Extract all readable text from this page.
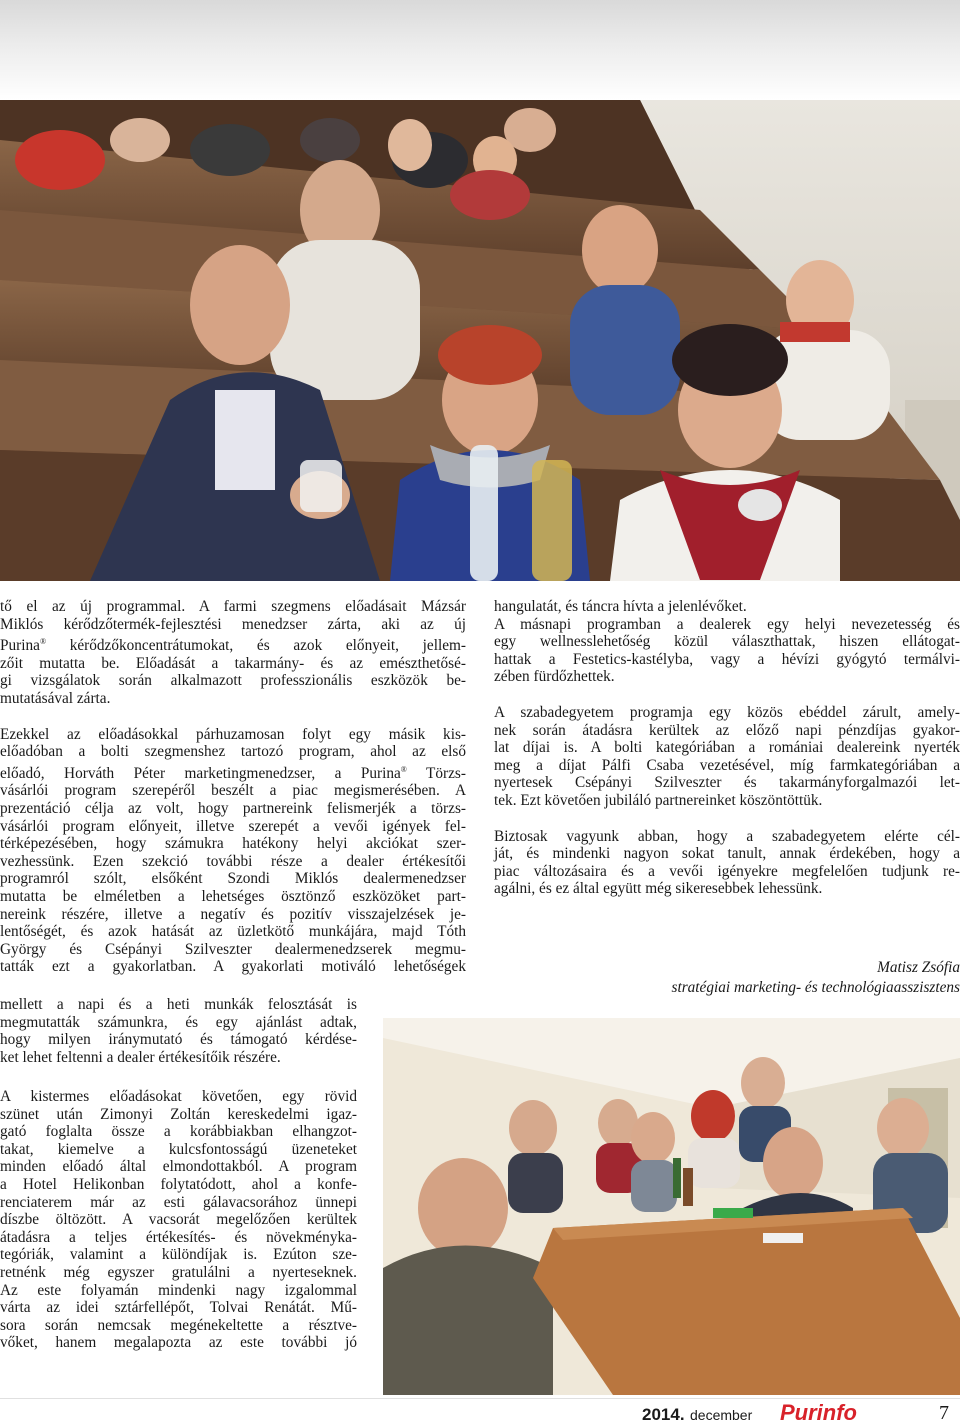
tő el az új programmal. A farmi szegmens előadásait Mázsár
Miklós kérődzőtermék-fejlesztési menedzser zárta, aki az új
Purina® kérődzőkoncentrátumokat, és azok előnyeit, jellem-
zőit mutatta be. Előadását a takarmány- és az emészthetősé-
gi vizsgálatok során alkalmazott professzionális eszközök be-
mutatásával zárta.

Ezekkel az előadásokkal párhuzamosan folyt egy másik kis-
előadóban a bolti szegmenshez tartozó program, ahol az első
előadó, Horváth Péter marketingmenedzser, a Purina® Törzs-
vásárlói program szerepéről beszélt a piac megismerésében. A
prezentáció célja az volt, hogy partnereink felismerjék a törzs-
vásárlói program előnyeit, illetve szerepét a vevői igények fel-
térképezésében, hogy számukra hatékony helyi akciókat szer-
vezhessünk. Ezen szekció további része a dealer értékesítői
programról szólt, elsőként Szondi Miklós dealermenedzser
mutatta be elméletben a lehetséges ösztönző eszközöket part-
nereink részére, illetve a negatív és pozitív visszajelzések je-
lentőségét, és azok hatását az üzletkötő munkájára, majd Tóth
György és Csépányi Szilveszter dealermenedzserek megmu-
tatták ezt a gyakorlatban. A gyakorlati motiváló lehetőségek

mellett a napi és a heti munkák felosztását is
megmutatták számunkra, és egy ajánlást adtak,
hogy milyen iránymutató és támogató kérdése-
ket lehet feltenni a dealer értékesítőik részére.

A kistermes előadásokat követően, egy rövid
szünet után Zimonyi Zoltán kereskedelmi igaz-
gató foglalta össze a korábbiakban elhangzot-
takat, kiemelve a kulcsfontosságú üzeneteket
minden előadó által elmondottakból. A program
a Hotel Helikonban folytatódott, ahol a konfe-
renciaterem már az esti gálavacsorához ünnepi
díszbe öltözött. A vacsorát megelőzően kerültek
átadásra a teljes értékesítés- és növekményka-
tegóriák, valamint a különdíjak is. Ezúton sze-
retnénk még egyszer gratulálni a nyerteseknek.
Az este folyamán mindenki nagy izgalommal
várta az idei sztárfellépőt, Tolvai Renátát. Mű-
sora során nemcsak megénekeltette a résztve-
vőket, hanem megalapozta az este további jó

hangulatát, és táncra hívta a jelenlévőket.
A másnapi programban a dealerek egy helyi nevezetesség és
egy wellnesslehetőség közül választhattak, hiszen ellátogat-
hattak a Festetics-kastélyba, vagy a hévízi gyógytó termálvi-
zében fürdőzhettek.

A szabadegyetem programja egy közös ebéddel zárult, amely-
nek során átadásra kerültek az előző napi pénzdíjas gyakor-
lat díjai is. A bolti kategóriában a romániai dealereink nyerték
meg a díjat Pálfi Csaba vezetésével, míg farmkategóriában a
nyertesek Csépányi Szilveszter és takarmányforgalmazói let-
tek. Ezt követően jubiláló partnereinket köszöntöttük.

Biztosak vagyunk abban, hogy a szabadegyetem elérte cél-
ját, és mindenki nagyon sokat tanult, annak érdekében, hogy a
piac változásaira és a vevői igényekre megfelelően tudjunk re-
agálni, és ez által együtt még sikeresebbek lehessünk.

Matisz Zsófia
stratégiai marketing- és technológiaasszisztens
2014. december Purinfo	7
